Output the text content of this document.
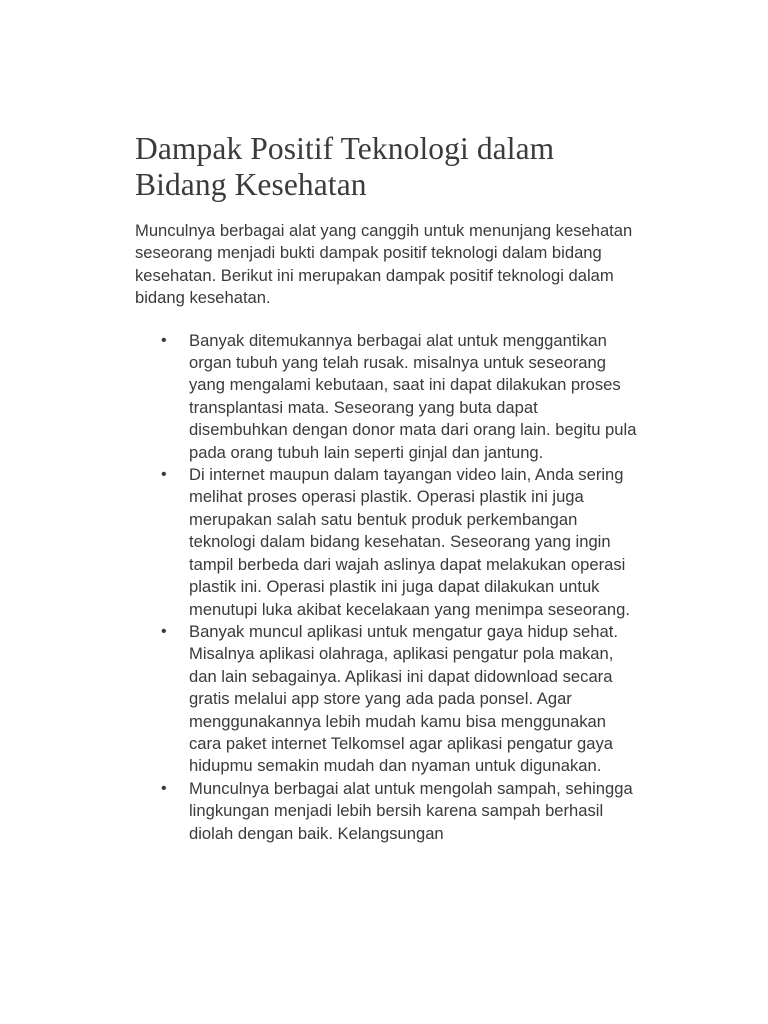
Dampak Positif Teknologi dalam Bidang Kesehatan

Munculnya berbagai alat yang canggih untuk menunjang kesehatan seseorang menjadi bukti dampak positif teknologi dalam bidang kesehatan. Berikut ini merupakan dampak positif teknologi dalam bidang kesehatan.

• Banyak ditemukannya berbagai alat untuk menggantikan organ tubuh yang telah rusak. misalnya untuk seseorang yang mengalami kebutaan, saat ini dapat dilakukan proses transplantasi mata. Seseorang yang buta dapat disembuhkan dengan donor mata dari orang lain. begitu pula pada orang tubuh lain seperti ginjal dan jantung.
• Di internet maupun dalam tayangan video lain, Anda sering melihat proses operasi plastik. Operasi plastik ini juga merupakan salah satu bentuk produk perkembangan teknologi dalam bidang kesehatan. Seseorang yang ingin tampil berbeda dari wajah aslinya dapat melakukan operasi plastik ini. Operasi plastik ini juga dapat dilakukan untuk menutupi luka akibat kecelakaan yang menimpa seseorang.
• Banyak muncul aplikasi untuk mengatur gaya hidup sehat. Misalnya aplikasi olahraga, aplikasi pengatur pola makan, dan lain sebagainya. Aplikasi ini dapat didownload secara gratis melalui app store yang ada pada ponsel. Agar menggunakannya lebih mudah kamu bisa menggunakan cara paket internet Telkomsel agar aplikasi pengatur gaya hidupmu semakin mudah dan nyaman untuk digunakan.
• Munculnya berbagai alat untuk mengolah sampah, sehingga lingkungan menjadi lebih bersih karena sampah berhasil diolah dengan baik. Kelangsungan
